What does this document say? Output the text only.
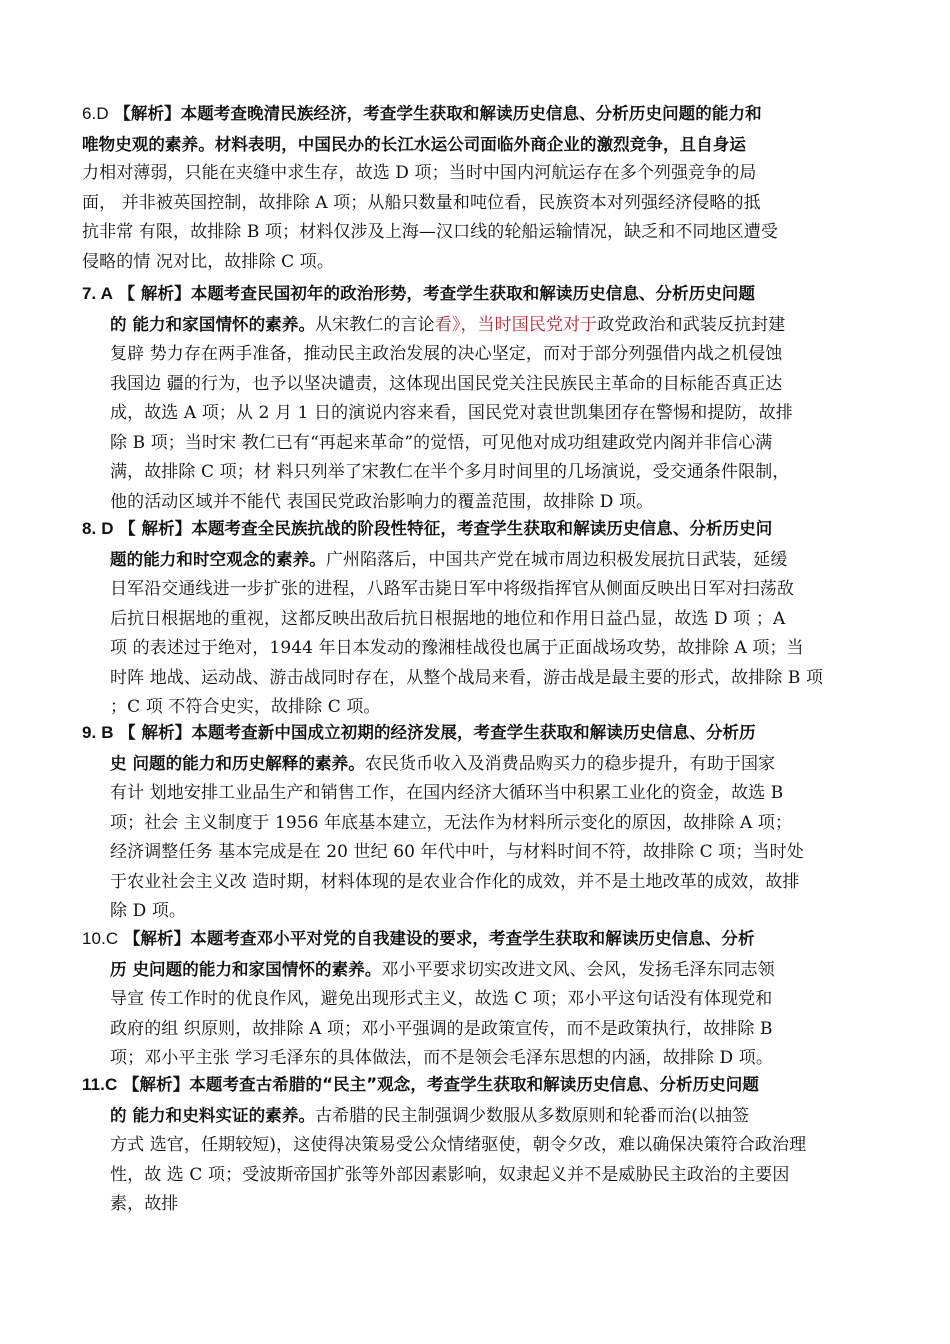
6.D 【解析】本题考查晚清民族经济，考查学生获取和解读历史信息、分析历史问题的能力和
唯物史观的素养。材料表明，中国民办的长江水运公司面临外商企业的激烈竞争，且自身运
力相对薄弱，只能在夹缝中求生存，故选 D 项；当时中国内河航运存在多个列强竞争的局
面， 并非被英国控制，故排除 A 项；从船只数量和吨位看，民族资本对列强经济侵略的抵
抗非常 有限，故排除 B 项；材料仅涉及上海—汉口线的轮船运输情况，缺乏和不同地区遭受
侵略的情 况对比，故排除 C 项。
7. A 【 解析】本题考查民国初年的政治形势，考查学生获取和解读历史信息、分析历史问题
的 能力和家国情怀的素养。从宋教仁的言论看》，当时国民党对于政党政治和武装反抗封建
复辟 势力存在两手准备，推动民主政治发展的决心坚定，而对于部分列强借内战之机侵蚀
我国边 疆的行为，也予以坚决谴责，这体现出国民党关注民族民主革命的目标能否真正达
成，故选 A 项；从 2 月 1 日的演说内容来看，国民党对袁世凯集团存在警惕和提防，故排
除 B 项；当时宋 教仁已有“再起来革命”的觉悟，可见他对成功组建政党内阁并非信心满
满，故排除 C 项；材 料只列举了宋教仁在半个多月时间里的几场演说，受交通条件限制，
他的活动区域并不能代 表国民党政治影响力的覆盖范围，故排除 D 项。
8. D 【 解析】本题考查全民族抗战的阶段性特征，考查学生获取和解读历史信息、分析历史问
题的能力和时空观念的素养。广州陷落后，中国共产党在城市周边积极发展抗日武装，延缓
日军沿交通线进一步扩张的进程，八路军击毙日军中将级指挥官从侧面反映出日军对扫荡敌
后抗日根据地的重视，这都反映出敌后抗日根据地的地位和作用日益凸显，故选 D 项 ；A
项 的表述过于绝对，1944 年日本发动的豫湘桂战役也属于正面战场攻势，故排除 A 项；当
时阵 地战、运动战、游击战同时存在，从整个战局来看，游击战是最主要的形式，故排除 B 项
；C 项 不符合史实，故排除 C 项。
9. B 【 解析】本题考查新中国成立初期的经济发展，考查学生获取和解读历史信息、分析历
史 问题的能力和历史解释的素养。农民货币收入及消费品购买力的稳步提升，有助于国家
有计 划地安排工业品生产和销售工作，在国内经济大循环当中积累工业化的资金，故选 B
项；社会 主义制度于 1956 年底基本建立，无法作为材料所示变化的原因，故排除 A 项；
经济调整任务 基本完成是在 20 世纪 60 年代中叶，与材料时间不符，故排除 C 项；当时处
于农业社会主义改 造时期，材料体现的是农业合作化的成效，并不是土地改革的成效，故排
除 D 项。
10.C 【解析】本题考查邓小平对党的自我建设的要求，考查学生获取和解读历史信息、分析
历 史问题的能力和家国情怀的素养。邓小平要求切实改进文风、会风，发扬毛泽东同志领
导宣 传工作时的优良作风，避免出现形式主义，故选 C 项；邓小平这句话没有体现党和
政府的组 织原则，故排除 A 项；邓小平强调的是政策宣传，而不是政策执行，故排除 B
项；邓小平主张 学习毛泽东的具体做法，而不是领会毛泽东思想的内涵，故排除 D 项。
11.C 【解析】本题考查古希腊的“民主”观念，考查学生获取和解读历史信息、分析历史问题
的 能力和史料实证的素养。古希腊的民主制强调少数服从多数原则和轮番而治(以抽签
方式 选官，任期较短)，这使得决策易受公众情绪驱使，朝令夕改，难以确保决策符合政治理
性，故 选 C 项；受波斯帝国扩张等外部因素影响，奴隶起义并不是威胁民主政治的主要因
素，故排
